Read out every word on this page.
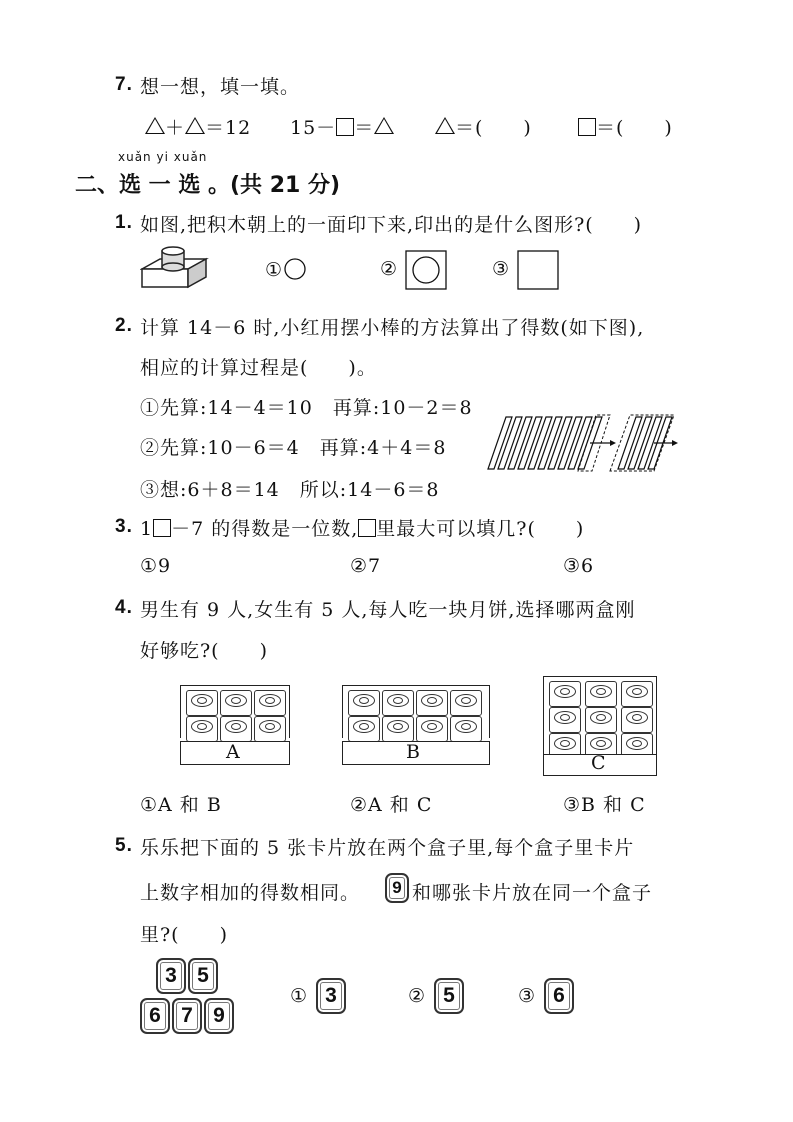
7. 想一想，填一填。
＋ ＝12 15－ ＝	＝(　　)	＝(　　)
xuǎn yi xuǎn
二、选 一 选 。(共 21 分)
1. 如图,把积木朝上的一面印下来,印出的是什么图形?(　　)
①	②	③
2. 计算 14－6 时,小红用摆小棒的方法算出了得数(如下图),
相应的计算过程是(　　)。
①先算:14－4＝10　再算:10－2＝8
②先算:10－6＝4　再算:4＋4＝8
③想:6＋8＝14　所以:14－6＝8
3. 1 －7 的得数是一位数, 里最大可以填几?(　　)
①9	②7	③6
4. 男生有 9 人,女生有 5 人,每人吃一块月饼,选择哪两盒刚
好够吃?(　　)
A	B	C
①A 和 B	②A 和 C	③B 和 C
5. 乐乐把下面的 5 张卡片放在两个盒子里,每个盒子里卡片
上数字相加的得数相同。	9 和哪张卡片放在同一个盒子
里?(　　)
3 5
6 7 9
① 3	② 5	③ 6
